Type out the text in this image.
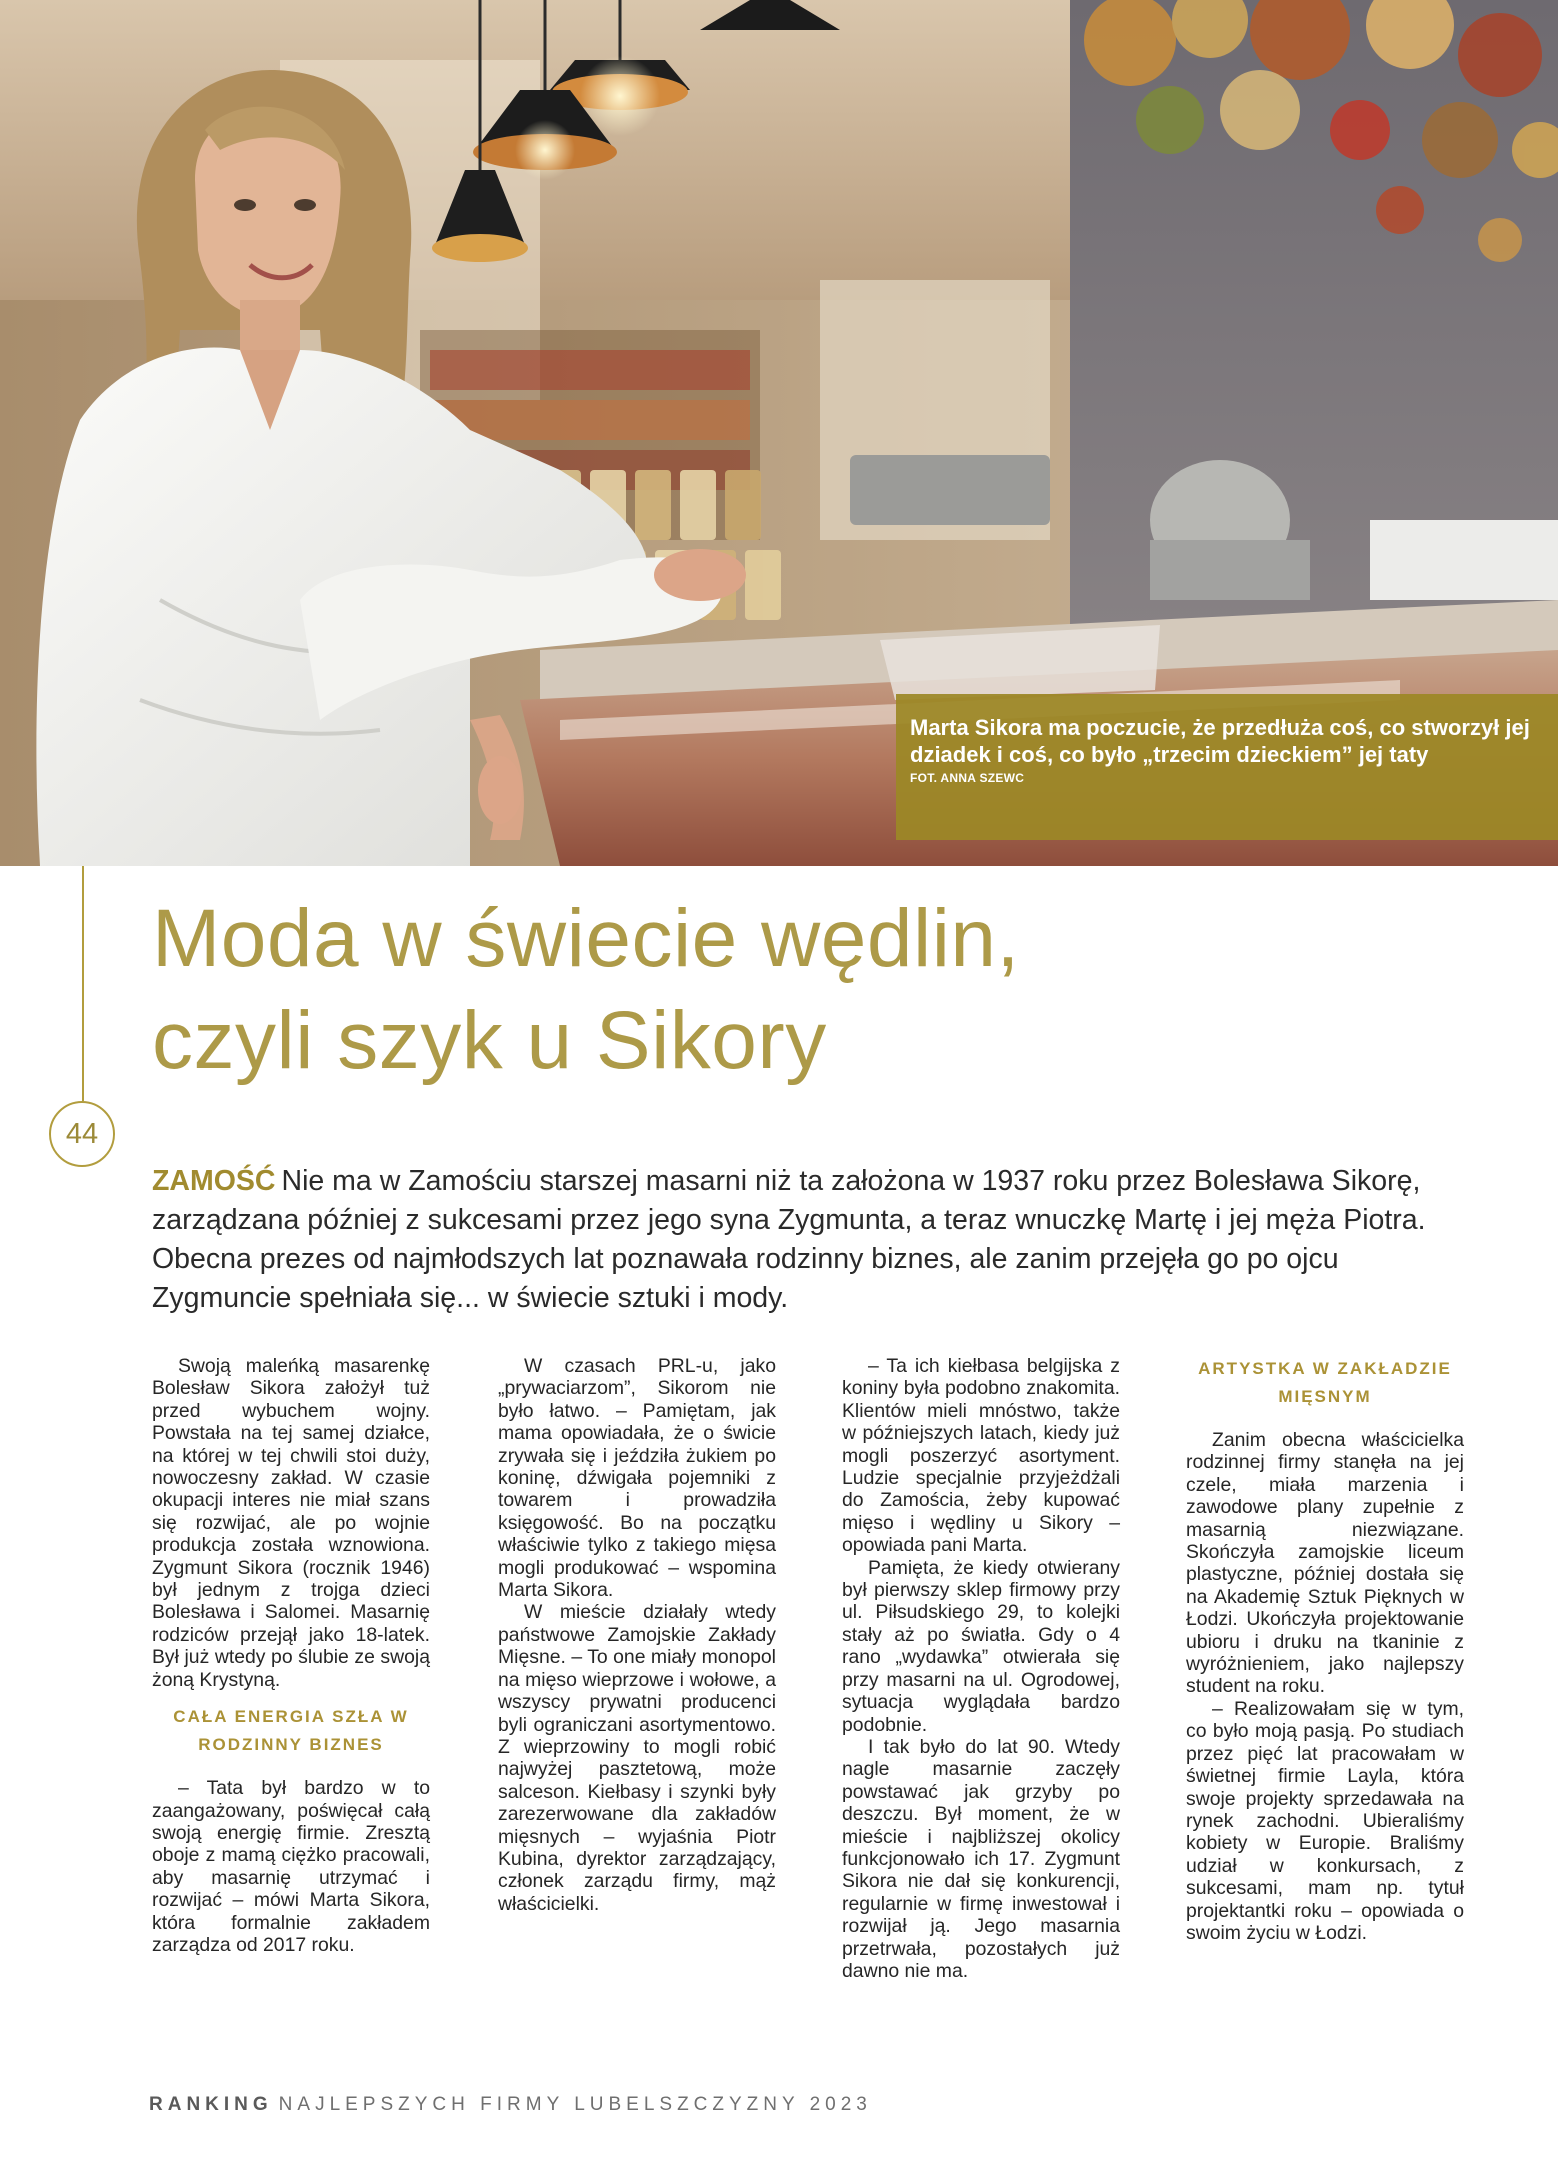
Marta Sikora ma poczucie, że przedłuża coś, co stworzył jej dziadek i coś, co było „trzecim dzieckiem” jej taty

FOT. ANNA SZEWC
44
Moda w świecie wędlin,
czyli szyk u Sikory

ZAMOŚĆ Nie ma w Zamościu starszej masarni niż ta założona w 1937 roku przez Bolesława Sikorę, zarządzana później z sukcesami przez jego syna Zygmunta, a teraz wnuczkę Martę i jej męża Piotra. Obecna prezes od najmłodszych lat poznawała rodzinny biznes, ale zanim przejęła go po ojcu Zygmuncie spełniała się... w świecie sztuki i mody.

Swoją maleńką masarenkę Bolesław Sikora założył tuż przed wybuchem wojny. Powstała na tej samej działce, na której w tej chwili stoi duży, nowoczesny zakład. W czasie okupacji interes nie miał szans się rozwijać, ale po wojnie produkcja została wznowiona. Zygmunt Sikora (rocznik 1946) był jednym z trojga dzieci Bolesława i Salomei. Masarnię rodziców przejął jako 18-latek. Był już wtedy po ślubie ze swoją żoną Krystyną.

CAŁA ENERGIA SZŁA W RODZINNY BIZNES

– Tata był bardzo w to zaangażowany, poświęcał całą swoją energię firmie. Zresztą oboje z mamą ciężko pracowali, aby masarnię utrzymać i rozwijać – mówi Marta Sikora, która formalnie zakładem zarządza od 2017 roku.

W czasach PRL-u, jako „prywaciarzom”, Sikorom nie było łatwo. – Pamiętam, jak mama opowiadała, że o świcie zrywała się i jeździła żukiem po koninę, dźwigała pojemniki z towarem i prowadziła księgowość. Bo na początku właściwie tylko z takiego mięsa mogli produkować – wspomina Marta Sikora.

W mieście działały wtedy państwowe Zamojskie Zakłady Mięsne. – To one miały monopol na mięso wieprzowe i wołowe, a wszyscy prywatni producenci byli ograniczani asortymentowo. Z wieprzowiny to mogli robić najwyżej pasztetową, może salceson. Kiełbasy i szynki były zarezerwowane dla zakładów mięsnych – wyjaśnia Piotr Kubina, dyrektor zarządzający, członek zarządu firmy, mąż właścicielki.

– Ta ich kiełbasa belgijska z koniny była podobno znakomita. Klientów mieli mnóstwo, także w późniejszych latach, kiedy już mogli poszerzyć asortyment. Ludzie specjalnie przyjeżdżali do Zamościa, żeby kupować mięso i wędliny u Sikory – opowiada pani Marta.

Pamięta, że kiedy otwierany był pierwszy sklep firmowy przy ul. Piłsudskiego 29, to kolejki stały aż po światła. Gdy o 4 rano „wydawka” otwierała się przy masarni na ul. Ogrodowej, sytuacja wyglądała bardzo podobnie.

I tak było do lat 90. Wtedy nagle masarnie zaczęły powstawać jak grzyby po deszczu. Był moment, że w mieście i najbliższej okolicy funkcjonowało ich 17. Zygmunt Sikora nie dał się konkurencji, regularnie w firmę inwestował i rozwijał ją. Jego masarnia przetrwała, pozostałych już dawno nie ma.

ARTYSTKA W ZAKŁADZIE MIĘSNYM

Zanim obecna właścicielka rodzinnej firmy stanęła na jej czele, miała marzenia i zawodowe plany zupełnie z masarnią niezwiązane. Skończyła zamojskie liceum plastyczne, później dostała się na Akademię Sztuk Pięknych w Łodzi. Ukończyła projektowanie ubioru i druku na tkaninie z wyróżnieniem, jako najlepszy student na roku.

– Realizowałam się w tym, co było moją pasją. Po studiach przez pięć lat pracowałam w świetnej firmie Layla, która swoje projekty sprzedawała na rynek zachodni. Ubieraliśmy kobiety w Europie. Braliśmy udział w konkursach, z sukcesami, mam np. tytuł projektantki roku – opowiada o swoim życiu w Łodzi.

RANKING NAJLEPSZYCH FIRMY LUBELSZCZYZNY 2023
